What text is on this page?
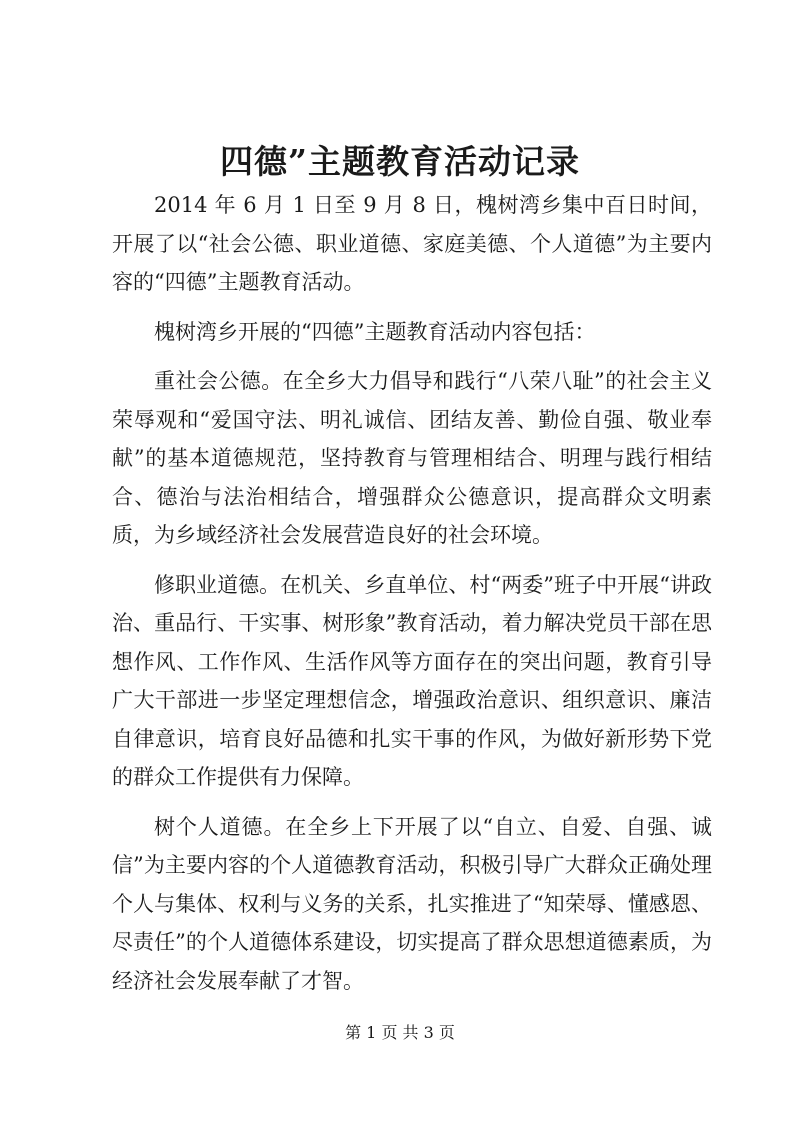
四德”主题教育活动记录

2014 年 6 月 1 日至 9 月 8 日，槐树湾乡集中百日时间，开展了以“社会公德、职业道德、家庭美德、个人道德”为主要内容的“四德”主题教育活动。

槐树湾乡开展的“四德”主题教育活动内容包括：

重社会公德。在全乡大力倡导和践行“八荣八耻”的社会主义荣辱观和“爱国守法、明礼诚信、团结友善、勤俭自强、敬业奉献”的基本道德规范，坚持教育与管理相结合、明理与践行相结合、德治与法治相结合，增强群众公德意识，提高群众文明素质，为乡域经济社会发展营造良好的社会环境。

修职业道德。在机关、乡直单位、村“两委”班子中开展“讲政治、重品行、干实事、树形象”教育活动，着力解决党员干部在思想作风、工作作风、生活作风等方面存在的突出问题，教育引导广大干部进一步坚定理想信念，增强政治意识、组织意识、廉洁自律意识，培育良好品德和扎实干事的作风，为做好新形势下党的群众工作提供有力保障。

树个人道德。在全乡上下开展了以“自立、自爱、自强、诚信”为主要内容的个人道德教育活动，积极引导广大群众正确处理个人与集体、权利与义务的关系，扎实推进了“知荣辱、懂感恩、尽责任”的个人道德体系建设，切实提高了群众思想道德素质，为经济社会发展奉献了才智。

第 1 页 共 3 页
